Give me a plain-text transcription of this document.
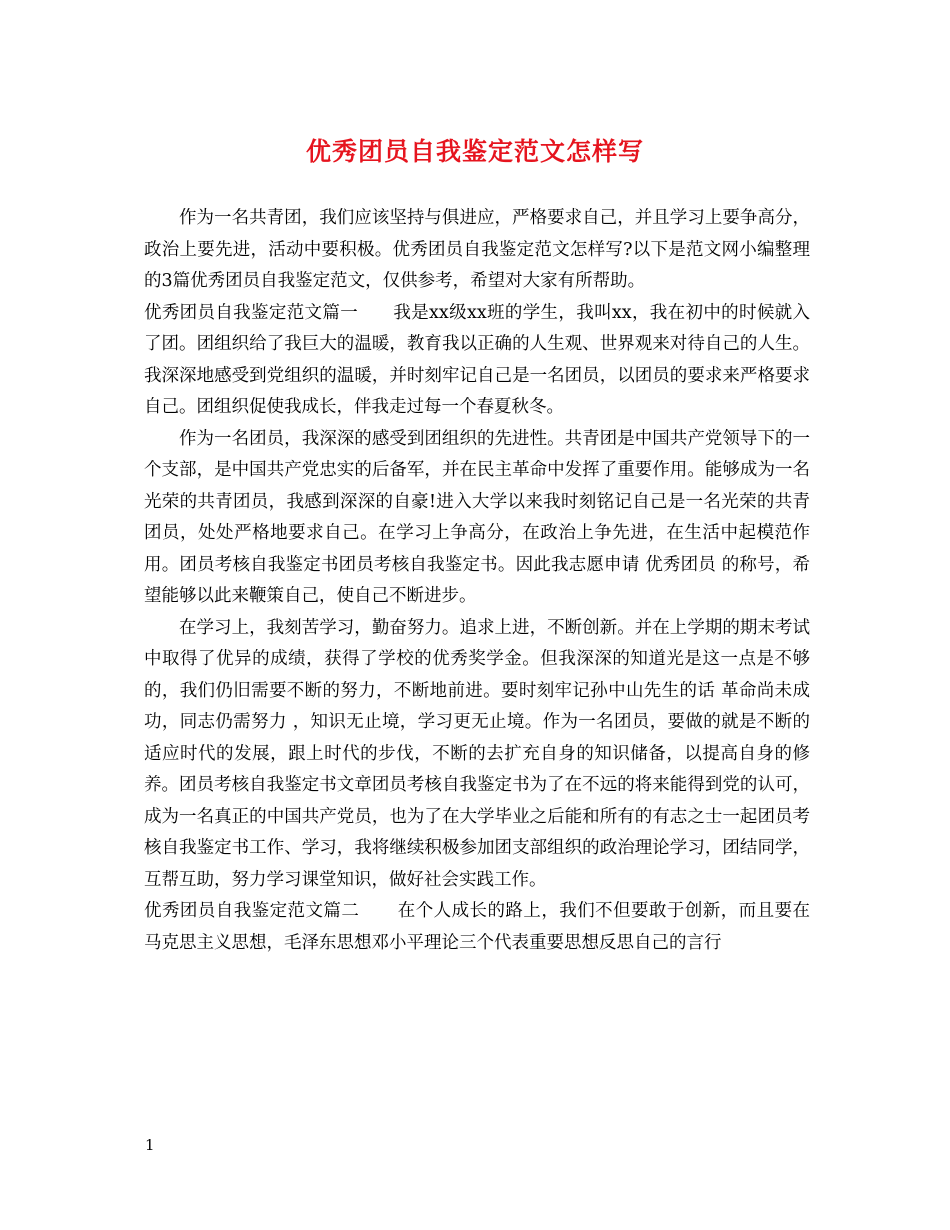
优秀团员自我鉴定范文怎样写

作为一名共青团，我们应该坚持与俱进应，严格要求自己，并且学习上要争高分，政治上要先进，活动中要积极。优秀团员自我鉴定范文怎样写?以下是范文网小编整理的3篇优秀团员自我鉴定范文，仅供参考，希望对大家有所帮助。

优秀团员自我鉴定范文篇一 我是xx级xx班的学生，我叫xx，我在初中的时候就入了团。团组织给了我巨大的温暖，教育我以正确的人生观、世界观来对待自己的人生。我深深地感受到党组织的温暖，并时刻牢记自己是一名团员，以团员的要求来严格要求自己。团组织促使我成长，伴我走过每一个春夏秋冬。

作为一名团员，我深深的感受到团组织的先进性。共青团是中国共产党领导下的一个支部，是中国共产党忠实的后备军，并在民主革命中发挥了重要作用。能够成为一名光荣的共青团员，我感到深深的自豪!进入大学以来我时刻铭记自己是一名光荣的共青团员，处处严格地要求自己。在学习上争高分，在政治上争先进，在生活中起模范作用。团员考核自我鉴定书团员考核自我鉴定书。因此我志愿申请 优秀团员 的称号，希望能够以此来鞭策自己，使自己不断进步。

在学习上，我刻苦学习，勤奋努力。追求上进，不断创新。并在上学期的期末考试中取得了优异的成绩，获得了学校的优秀奖学金。但我深深的知道光是这一点是不够的，我们仍旧需要不断的努力，不断地前进。要时刻牢记孙中山先生的话 革命尚未成功，同志仍需努力 ，知识无止境，学习更无止境。作为一名团员，要做的就是不断的适应时代的发展，跟上时代的步伐，不断的去扩充自身的知识储备，以提高自身的修养。团员考核自我鉴定书文章团员考核自我鉴定书为了在不远的将来能得到党的认可，成为一名真正的中国共产党员，也为了在大学毕业之后能和所有的有志之士一起团员考核自我鉴定书工作、学习，我将继续积极参加团支部组织的政治理论学习，团结同学，互帮互助，努力学习课堂知识，做好社会实践工作。

优秀团员自我鉴定范文篇二 在个人成长的路上，我们不但要敢于创新，而且要在马克思主义思想，毛泽东思想邓小平理论三个代表重要思想反思自己的言行

1
